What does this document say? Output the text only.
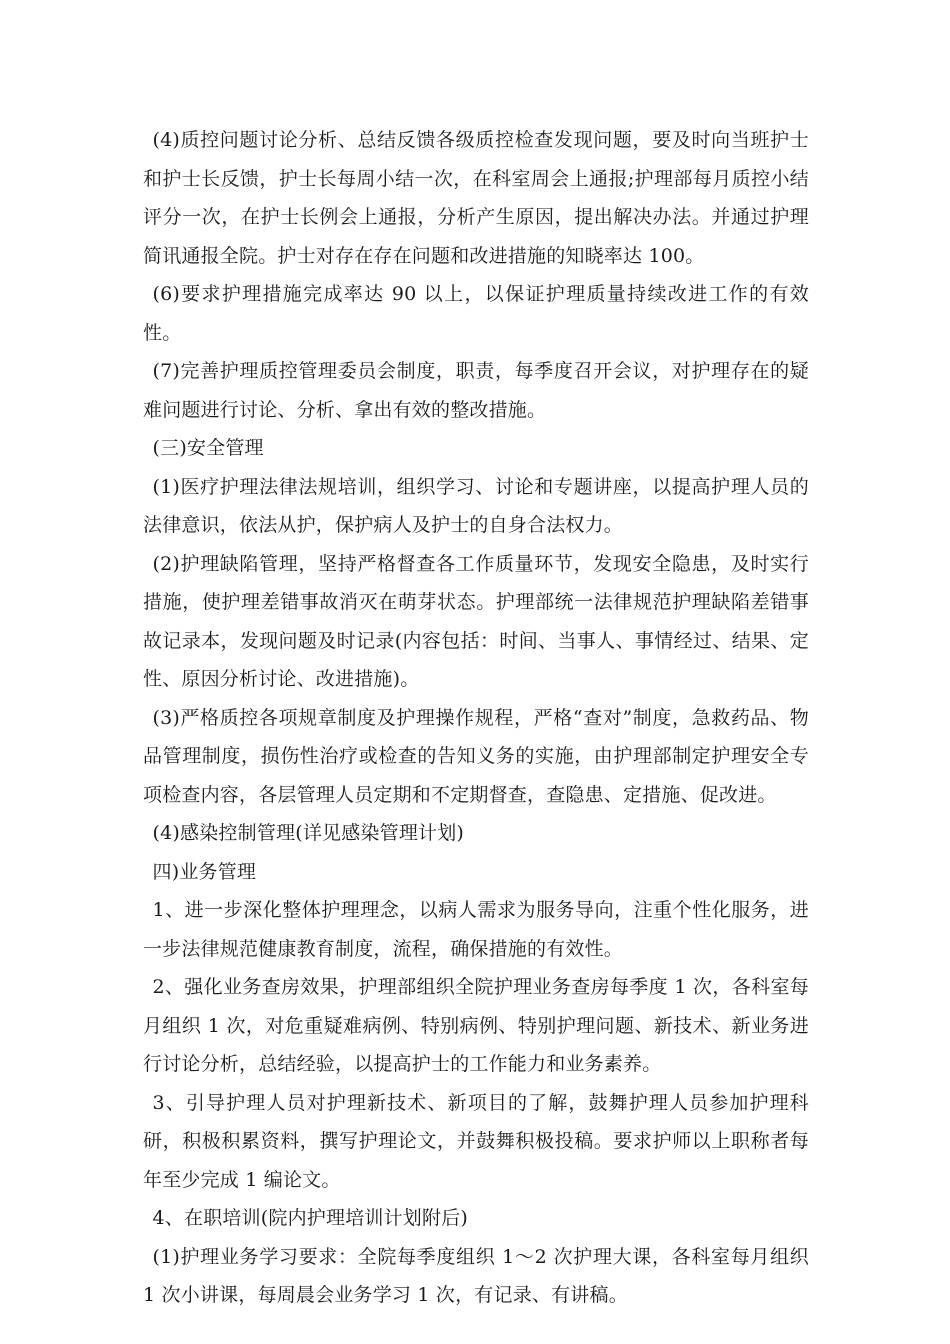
(4)质控问题讨论分析、总结反馈各级质控检查发现问题，要及时向当班护士和护士长反馈，护士长每周小结一次，在科室周会上通报;护理部每月质控小结评分一次，在护士长例会上通报，分析产生原因，提出解决办法。并通过护理简讯通报全院。护士对存在存在问题和改进措施的知晓率达 100。

(6)要求护理措施完成率达 90 以上，以保证护理质量持续改进工作的有效性。

(7)完善护理质控管理委员会制度，职责，每季度召开会议，对护理存在的疑难问题进行讨论、分析、拿出有效的整改措施。

(三)安全管理

(1)医疗护理法律法规培训，组织学习、讨论和专题讲座，以提高护理人员的法律意识，依法从护，保护病人及护士的自身合法权力。

(2)护理缺陷管理，坚持严格督查各工作质量环节，发现安全隐患，及时实行措施，使护理差错事故消灭在萌芽状态。护理部统一法律规范护理缺陷差错事故记录本，发现问题及时记录(内容包括：时间、当事人、事情经过、结果、定性、原因分析讨论、改进措施)。

(3)严格质控各项规章制度及护理操作规程，严格“查对”制度，急救药品、物品管理制度，损伤性治疗或检查的告知义务的实施，由护理部制定护理安全专项检查内容，各层管理人员定期和不定期督查，查隐患、定措施、促改进。

(4)感染控制管理(详见感染管理计划)

四)业务管理

1、进一步深化整体护理理念，以病人需求为服务导向，注重个性化服务，进一步法律规范健康教育制度，流程，确保措施的有效性。

2、强化业务查房效果，护理部组织全院护理业务查房每季度 1 次，各科室每月组织 1 次，对危重疑难病例、特别病例、特别护理问题、新技术、新业务进行讨论分析，总结经验，以提高护士的工作能力和业务素养。

3、引导护理人员对护理新技术、新项目的了解，鼓舞护理人员参加护理科研，积极积累资料，撰写护理论文，并鼓舞积极投稿。要求护师以上职称者每年至少完成 1 编论文。

4、在职培训(院内护理培训计划附后)

(1)护理业务学习要求：全院每季度组织 1～2 次护理大课，各科室每月组织 1 次小讲课，每周晨会业务学习 1 次，有记录、有讲稿。
